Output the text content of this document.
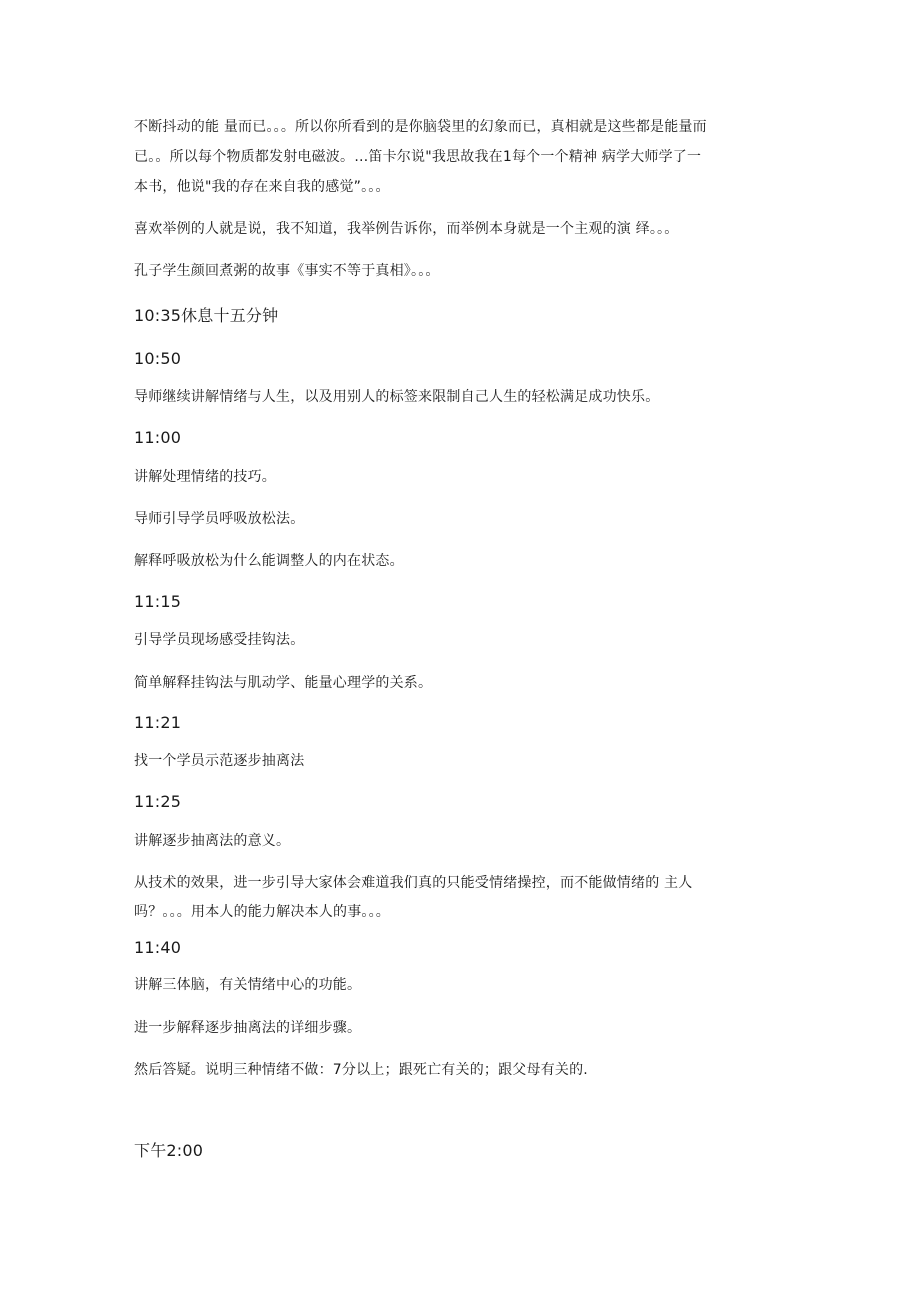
不断抖动的能 量而已。。。所以你所看到的是你脑袋里的幻象而已，真相就是这些都是能量而
已。。所以每个物质都发射电磁波。…笛卡尔说"我思故我在1每个一个精神 病学大师学了一
本书，他说"我的存在来自我的感觉”。。。
喜欢举例的人就是说，我不知道，我举例告诉你，而举例本身就是一个主观的演 绎。。。
孔子学生颜回煮粥的故事《事实不等于真相》。。。
10:35休息十五分钟
10:50
导师继续讲解情绪与人生，以及用别人的标签来限制自己人生的轻松满足成功快乐。
11:00
讲解处理情绪的技巧。
导师引导学员呼吸放松法。
解释呼吸放松为什么能调整人的内在状态。
11:15
引导学员现场感受挂钩法。
简单解释挂钩法与肌动学、能量心理学的关系。
11:21
找一个学员示范逐步抽离法
11:25
讲解逐步抽离法的意义。
从技术的效果，进一步引导大家体会难道我们真的只能受情绪操控，而不能做情绪的 主人
吗？。。。用本人的能力解决本人的事。。。
11:40
讲解三体脑，有关情绪中心的功能。
进一步解释逐步抽离法的详细步骤。
然后答疑。说明三种情绪不做：7分以上；跟死亡有关的；跟父母有关的.
下午2:00
